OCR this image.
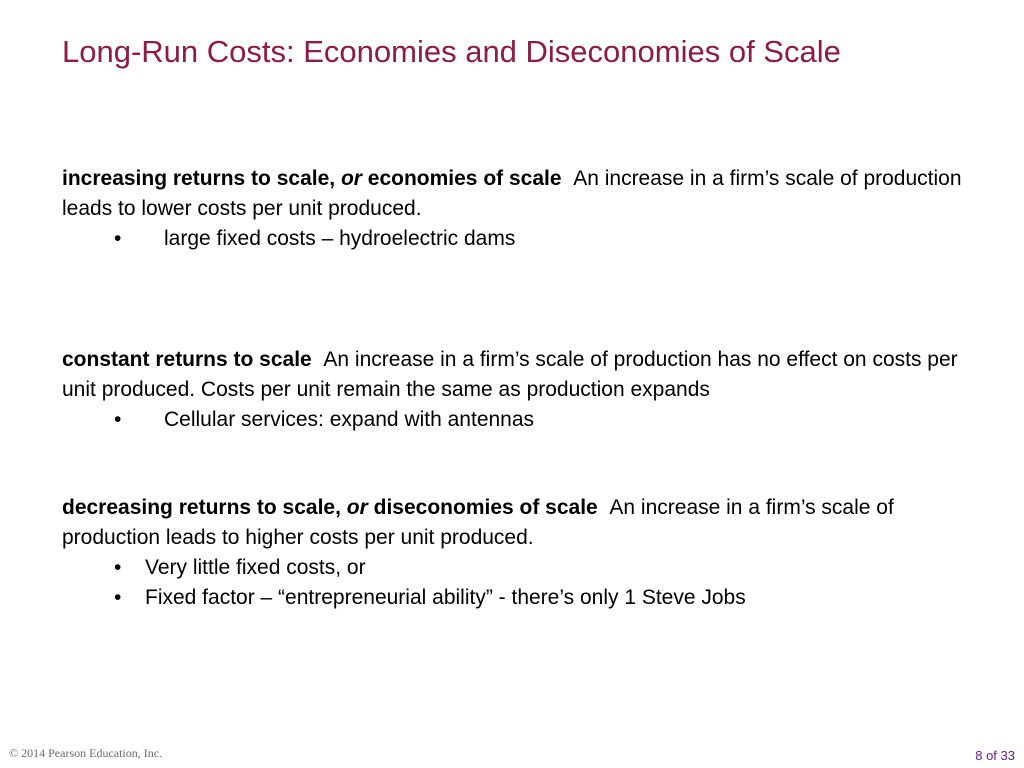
Long-Run Costs: Economies and Diseconomies of Scale

increasing returns to scale, or economies of scale An increase in a firm’s scale of production leads to lower costs per unit produced.

• large fixed costs – hydroelectric dams

constant returns to scale An increase in a firm’s scale of production has no effect on costs per unit produced. Costs per unit remain the same as production expands

• Cellular services: expand with antennas

decreasing returns to scale, or diseconomies of scale An increase in a firm’s scale of production leads to higher costs per unit produced.

• Very little fixed costs, or
• Fixed factor – “entrepreneurial ability” - there’s only 1 Steve Jobs
© 2014 Pearson Education, Inc.	8 of 33
